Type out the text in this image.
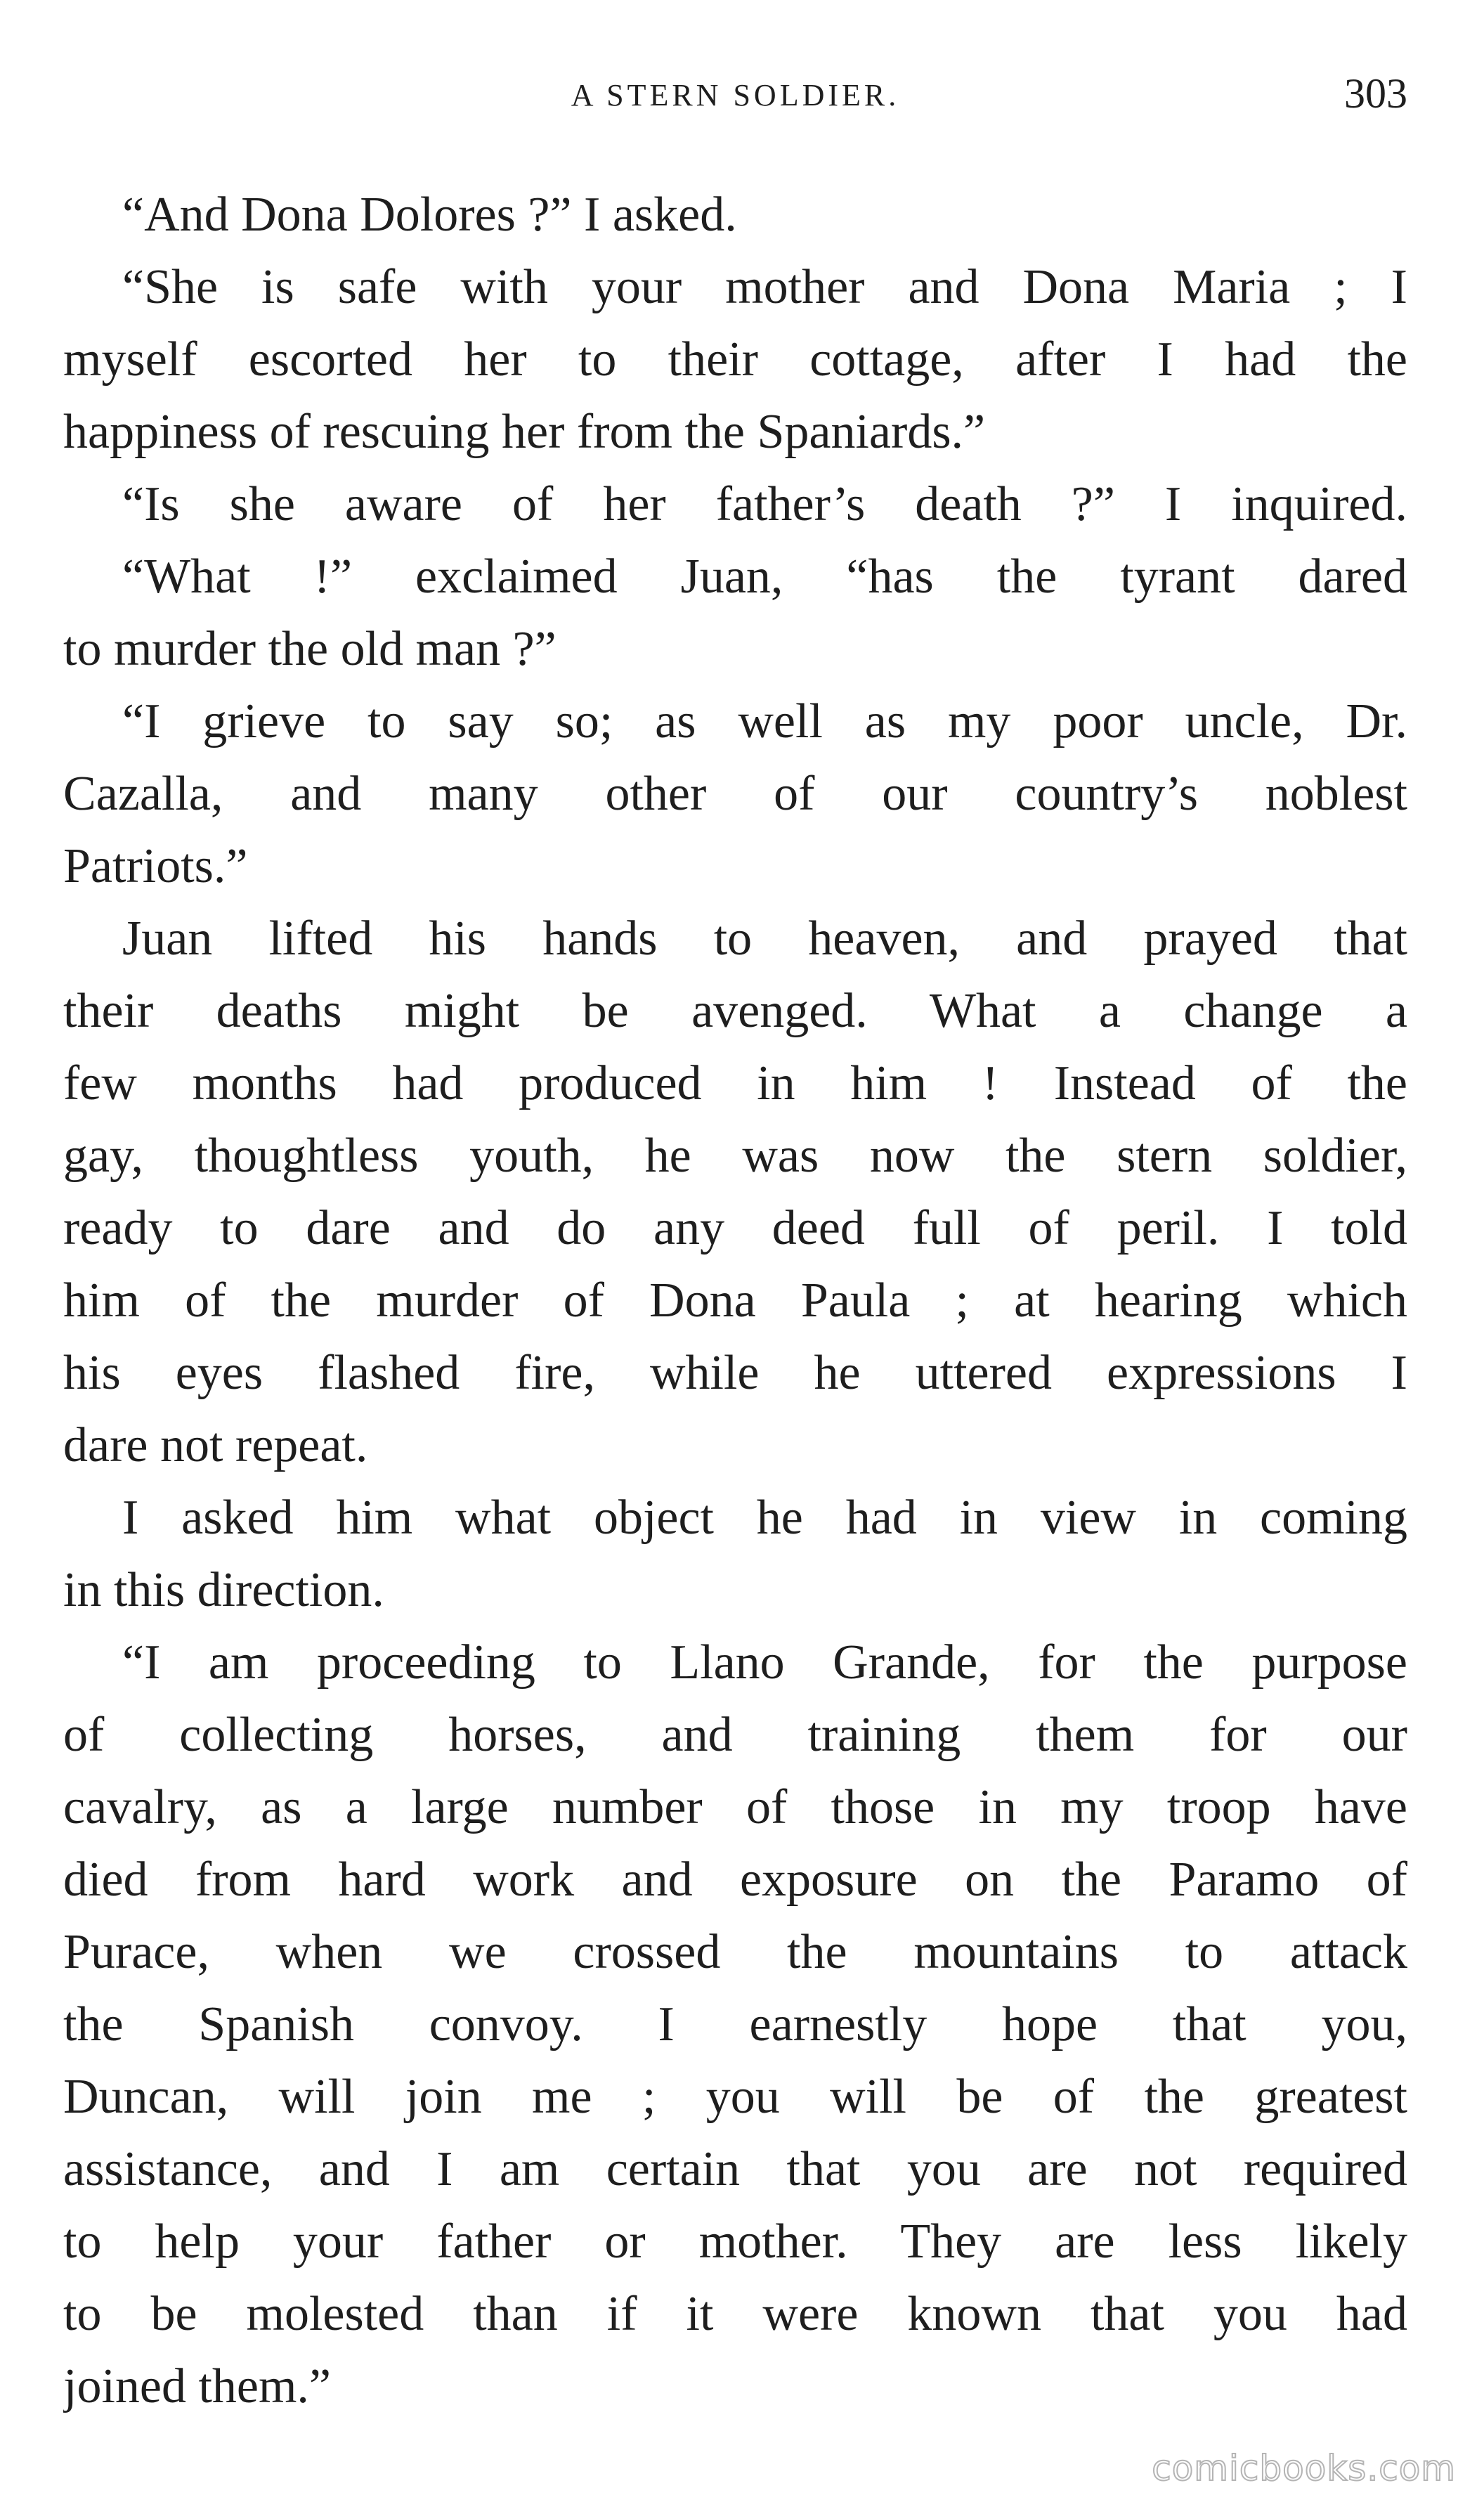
A STERN SOLDIER.	303
“And Dona Dolores ?” I asked.
“She is safe with your mother and Dona Maria ; I
myself escorted her to their cottage, after I had the
happiness of rescuing her from the Spaniards.”
“Is she aware of her father’s death ?” I inquired.
“What !” exclaimed Juan, “has the tyrant dared
to murder the old man ?”
“I grieve to say so; as well as my poor uncle, Dr.
Cazalla, and many other of our country’s noblest
Patriots.”
Juan lifted his hands to heaven, and prayed that
their deaths might be avenged. What a change a
few months had produced in him ! Instead of the
gay, thoughtless youth, he was now the stern soldier,
ready to dare and do any deed full of peril. I told
him of the murder of Dona Paula ; at hearing which
his eyes flashed fire, while he uttered expressions I
dare not repeat.
I asked him what object he had in view in coming
in this direction.
“I am proceeding to Llano Grande, for the purpose
of collecting horses, and training them for our
cavalry, as a large number of those in my troop have
died from hard work and exposure on the Paramo of
Purace, when we crossed the mountains to attack
the Spanish convoy. I earnestly hope that you,
Duncan, will join me ; you will be of the greatest
assistance, and I am certain that you are not required
to help your father or mother. They are less likely
to be molested than if it were known that you had
joined them.”
comicbooks.com
